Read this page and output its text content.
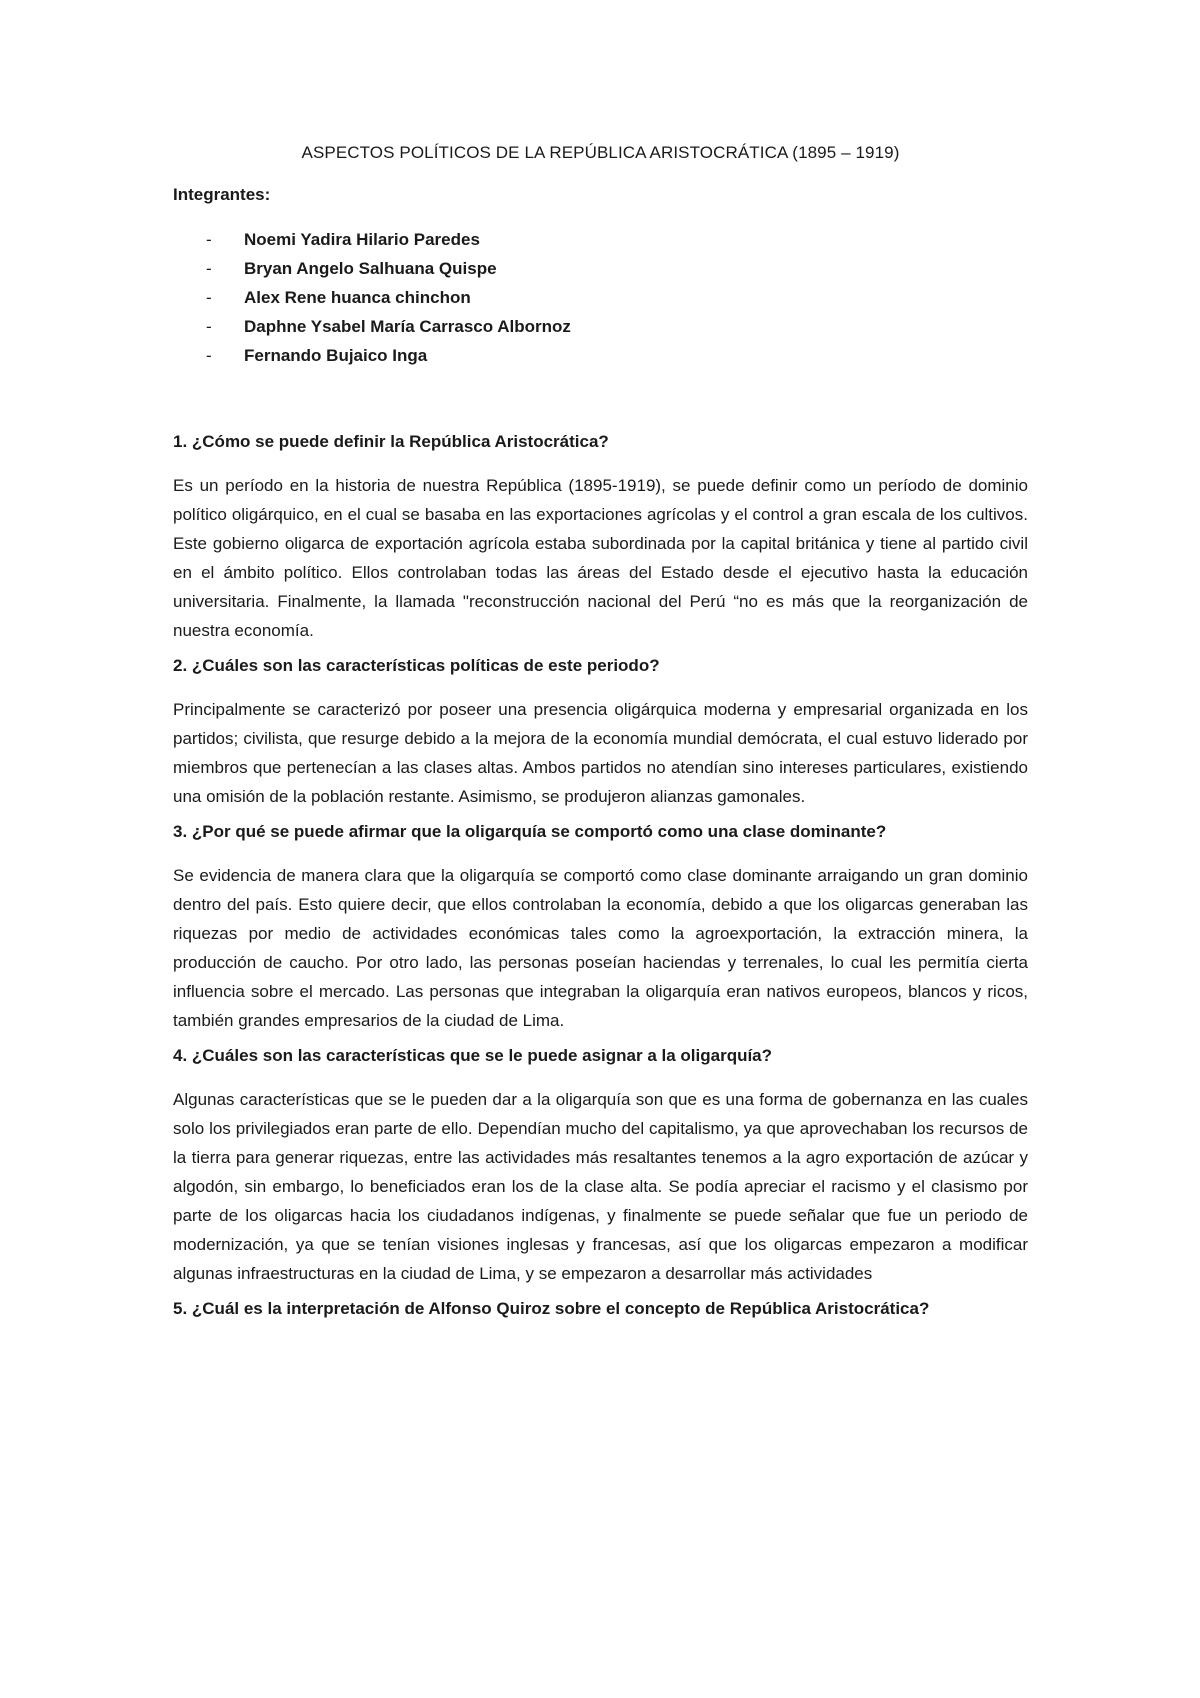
ASPECTOS POLÍTICOS DE LA REPÚBLICA ARISTOCRÁTICA (1895 – 1919)
Integrantes:
- Noemi Yadira Hilario Paredes
- Bryan Angelo Salhuana Quispe
- Alex Rene huanca chinchon
- Daphne Ysabel María Carrasco Albornoz
- Fernando Bujaico Inga
1. ¿Cómo se puede definir la República Aristocrática?

Es un período en la historia de nuestra República (1895-1919), se puede definir como un período de dominio político oligárquico, en el cual se basaba en las exportaciones agrícolas y el control a gran escala de los cultivos. Este gobierno oligarca de exportación agrícola estaba subordinada por la capital británica y tiene al partido civil en el ámbito político. Ellos controlaban todas las áreas del Estado desde el ejecutivo hasta la educación universitaria. Finalmente, la llamada "reconstrucción nacional del Perú “no es más que la reorganización de nuestra economía.

2. ¿Cuáles son las características políticas de este periodo?

Principalmente se caracterizó por poseer una presencia oligárquica moderna y empresarial organizada en los partidos; civilista, que resurge debido a la mejora de la economía mundial demócrata, el cual estuvo liderado por miembros que pertenecían a las clases altas. Ambos partidos no atendían sino intereses particulares, existiendo una omisión de la población restante. Asimismo, se produjeron alianzas gamonales.

3. ¿Por qué se puede afirmar que la oligarquía se comportó como una clase dominante?

Se evidencia de manera clara que la oligarquía se comportó como clase dominante arraigando un gran dominio dentro del país. Esto quiere decir, que ellos controlaban la economía, debido a que los oligarcas generaban las riquezas por medio de actividades económicas tales como la agroexportación, la extracción minera, la producción de caucho. Por otro lado, las personas poseían haciendas y terrenales, lo cual les permitía cierta influencia sobre el mercado. Las personas que integraban la oligarquía eran nativos europeos, blancos y ricos, también grandes empresarios de la ciudad de Lima.

4. ¿Cuáles son las características que se le puede asignar a la oligarquía?

Algunas características que se le pueden dar a la oligarquía son que es una forma de gobernanza en las cuales solo los privilegiados eran parte de ello. Dependían mucho del capitalismo, ya que aprovechaban los recursos de la tierra para generar riquezas, entre las actividades más resaltantes tenemos a la agro exportación de azúcar y algodón, sin embargo, lo beneficiados eran los de la clase alta. Se podía apreciar el racismo y el clasismo por parte de los oligarcas hacia los ciudadanos indígenas, y finalmente se puede señalar que fue un periodo de modernización, ya que se tenían visiones inglesas y francesas, así que los oligarcas empezaron a modificar algunas infraestructuras en la ciudad de Lima, y se empezaron a desarrollar más actividades

5. ¿Cuál es la interpretación de Alfonso Quiroz sobre el concepto de República Aristocrática?
